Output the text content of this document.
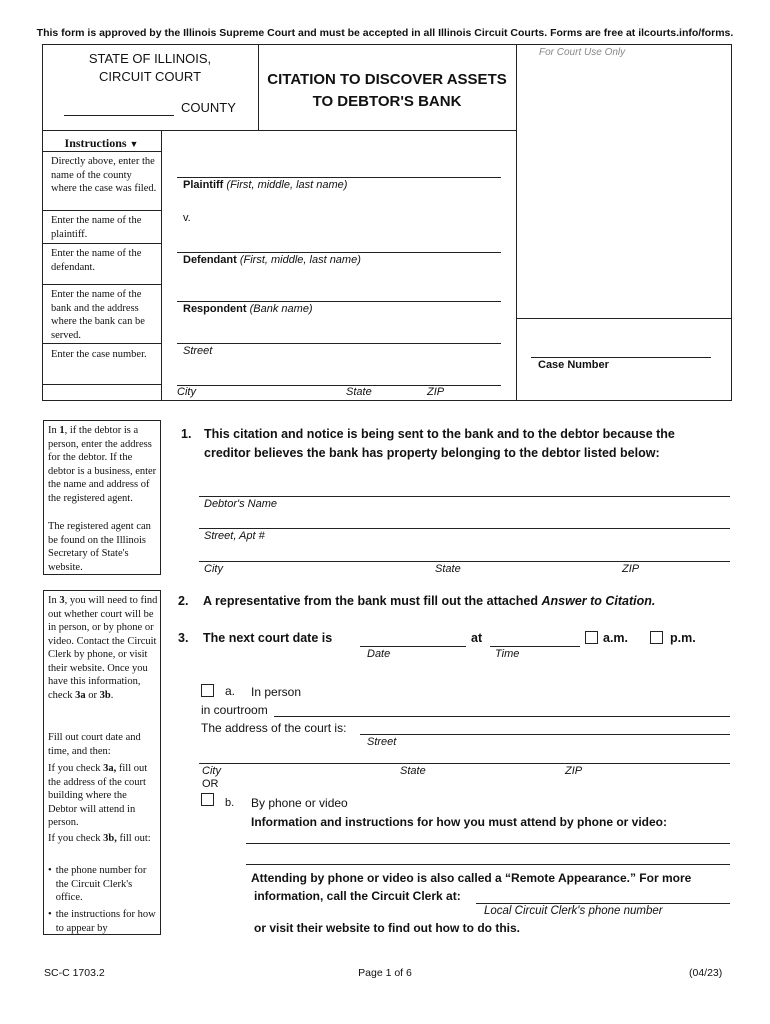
This form is approved by the Illinois Supreme Court and must be accepted in all Illinois Circuit Courts. Forms are free at ilcourts.info/forms.
STATE OF ILLINOIS,
CIRCUIT COURT
COUNTY
CITATION TO DISCOVER ASSETS
TO DEBTOR'S BANK
For Court Use Only
Instructions ▼
Directly above, enter the name of the county where the case was filed.
Enter the name of the plaintiff.
Enter the name of the defendant.
Enter the name of the bank and the address where the bank can be served.
Enter the case number.
Plaintiff (First, middle, last name)
v.
Defendant (First, middle, last name)
Respondent (Bank name)
Street
City	State	ZIP
Case Number
In 1, if the debtor is a person, enter the address for the debtor. If the debtor is a business, enter the name and address of the registered agent.
The registered agent can be found on the Illinois Secretary of State's website.
In 3, you will need to find out whether court will be in person, or by phone or video. Contact the Circuit Clerk by phone, or visit their website. Once you have this information, check 3a or 3b.
Fill out court date and time, and then:
If you check 3a, fill out the address of the court building where the Debtor will attend in person.
If you check 3b, fill out:
• the phone number for the Circuit Clerk's office.
• the instructions for how to appear by
1. This citation and notice is being sent to the bank and to the debtor because the
creditor believes the bank has property belonging to the debtor listed below:
Debtor's Name
Street, Apt #
City	State	ZIP
2. A representative from the bank must fill out the attached Answer to Citation.
3. The next court date is
Date
at
Time
a.m.	p.m.
a. In person
in courtroom
The address of the court is:
Street
City	State	ZIP
OR
b. By phone or video
Information and instructions for how you must attend by phone or video:
Attending by phone or video is also called a “Remote Appearance.” For more
information, call the Circuit Clerk at:
Local Circuit Clerk's phone number
or visit their website to find out how to do this.
SC-C 1703.2	Page 1 of 6	(04/23)
